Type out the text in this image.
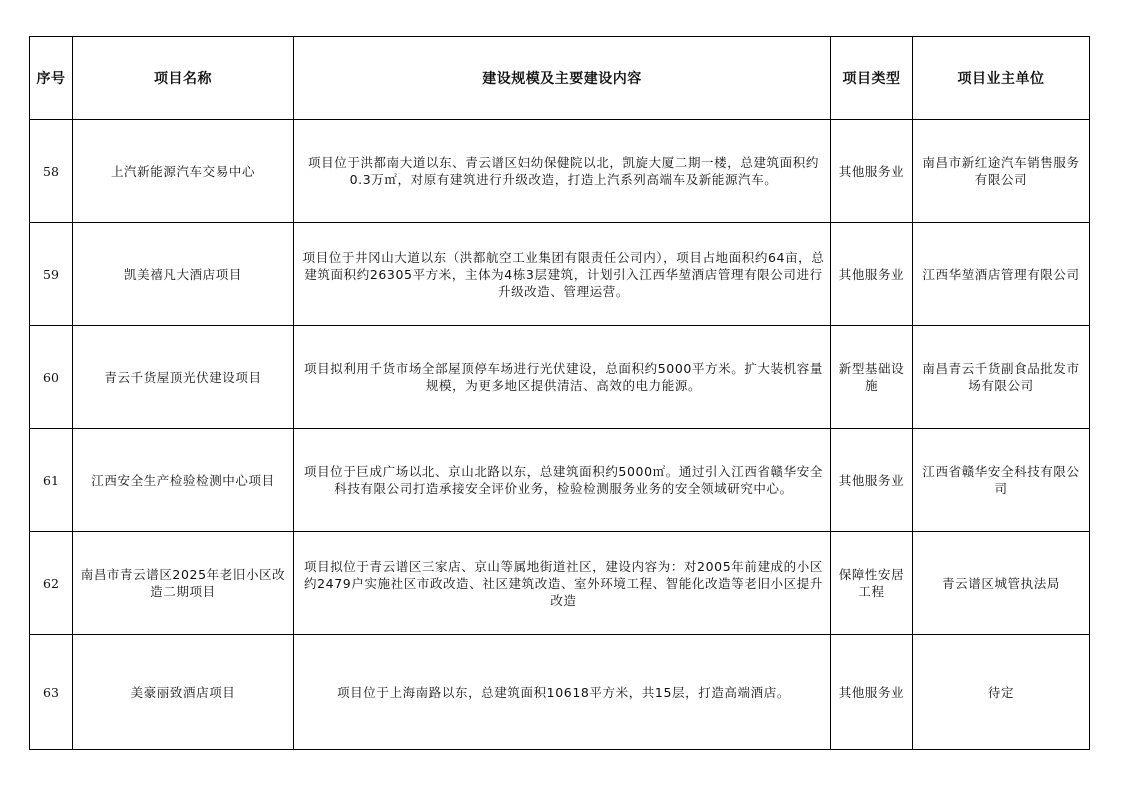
序号	项目名称	建设规模及主要建设内容	项目类型	项目业主单位
58	上汽新能源汽车交易中心	项目位于洪都南大道以东、青云谱区妇幼保健院以北，凯旋大厦二期一楼，总建筑面积约0.3万㎡，对原有建筑进行升级改造，打造上汽系列高端车及新能源汽车。	其他服务业	南昌市新红途汽车销售服务有限公司
59	凯美禧凡大酒店项目	项目位于井冈山大道以东（洪都航空工业集团有限责任公司内），项目占地面积约64亩，总建筑面积约26305平方米，主体为4栋3层建筑，计划引入江西华堃酒店管理有限公司进行升级改造、管理运营。	其他服务业	江西华堃酒店管理有限公司
60	青云千货屋顶光伏建设项目	项目拟利用千货市场全部屋顶停车场进行光伏建设，总面积约5000平方米。扩大装机容量规模，为更多地区提供清洁、高效的电力能源。	新型基础设施	南昌青云千货副食品批发市场有限公司
61	江西安全生产检验检测中心项目	项目位于巨成广场以北、京山北路以东，总建筑面积约5000㎡。通过引入江西省赣华安全科技有限公司打造承接安全评价业务，检验检测服务业务的安全领域研究中心。	其他服务业	江西省赣华安全科技有限公司
62	南昌市青云谱区2025年老旧小区改造二期项目	项目拟位于青云谱区三家店、京山等属地街道社区，建设内容为：对2005年前建成的小区约2479户实施社区市政改造、社区建筑改造、室外环境工程、智能化改造等老旧小区提升改造	保障性安居工程	青云谱区城管执法局
63	美豪丽致酒店项目	项目位于上海南路以东，总建筑面积10618平方米，共15层，打造高端酒店。	其他服务业	待定
